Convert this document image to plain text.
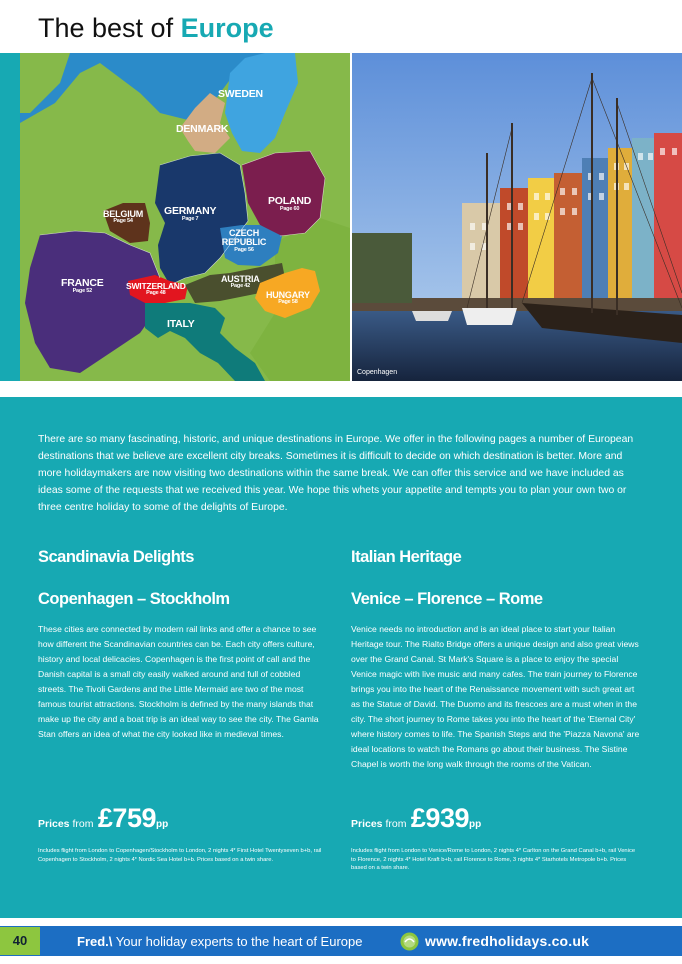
The best of Europe
SWEDEN
DENMARK
POLAND
Page 60
GERMANY
Page 7
BELGIUM
Page 54
CZECH REPUBLIC
Page 56
FRANCE
Page 52
SWITZERLAND
Page 48
AUSTRIA
Page 42
HUNGARY
Page 58
ITALY
Copenhagen
There are so many fascinating, historic, and unique destinations in Europe. We offer in the following pages a number of European destinations that we believe are excellent city breaks. Sometimes it is difficult to decide on which destination is better. More and more holidaymakers are now visiting two destinations within the same break. We can offer this service and we have included as ideas some of the requests that we received this year. We hope this whets your appetite and tempts you to plan your own two or three centre holiday to some of the delights of Europe.
Scandinavia Delights
Copenhagen – Stockholm
These cities are connected by modern rail links and offer a chance to see how different the Scandinavian countries can be. Each city offers culture, history and local delicacies. Copenhagen is the first point of call and the Danish capital is a small city easily walked around and full of cobbled streets. The Tivoli Gardens and the Little Mermaid are two of the most famous tourist attractions. Stockholm is defined by the many islands that make up the city and a boat trip is an ideal way to see the city. The Gamla Stan offers an idea of what the city looked like in medieval times.
Prices from £759pp
Includes flight from London to Copenhagen/Stockholm to London, 2 nights 4* First Hotel Twentyseven b+b, rail Copenhagen to Stockholm, 2 nights 4* Nordic Sea Hotel b+b. Prices based on a twin share.
Italian Heritage
Venice – Florence – Rome
Venice needs no introduction and is an ideal place to start your Italian Heritage tour. The Rialto Bridge offers a unique design and also great views over the Grand Canal. St Mark's Square is a place to enjoy the special Venice magic with live music and many cafes. The train journey to Florence brings you into the heart of the Renaissance movement with such great art as the Statue of David. The Duomo and its frescoes are a must when in the city. The short journey to Rome takes you into the heart of the 'Eternal City' where history comes to life. The Spanish Steps and the 'Piazza Navona' are ideal locations to watch the Romans go about their business. The Sistine Chapel is worth the long walk through the rooms of the Vatican.
Prices from £939pp
Includes flight from London to Venice/Rome to London, 2 nights 4* Carlton on the Grand Canal b+b, rail Venice to Florence, 2 nights 4* Hotel Kraft b+b, rail Florence to Rome, 3 nights 4* Starhotels Metropole b+b. Prices based on a twin share.
40	Fred.\ Your holiday experts to the heart of Europe	www.fredholidays.co.uk
